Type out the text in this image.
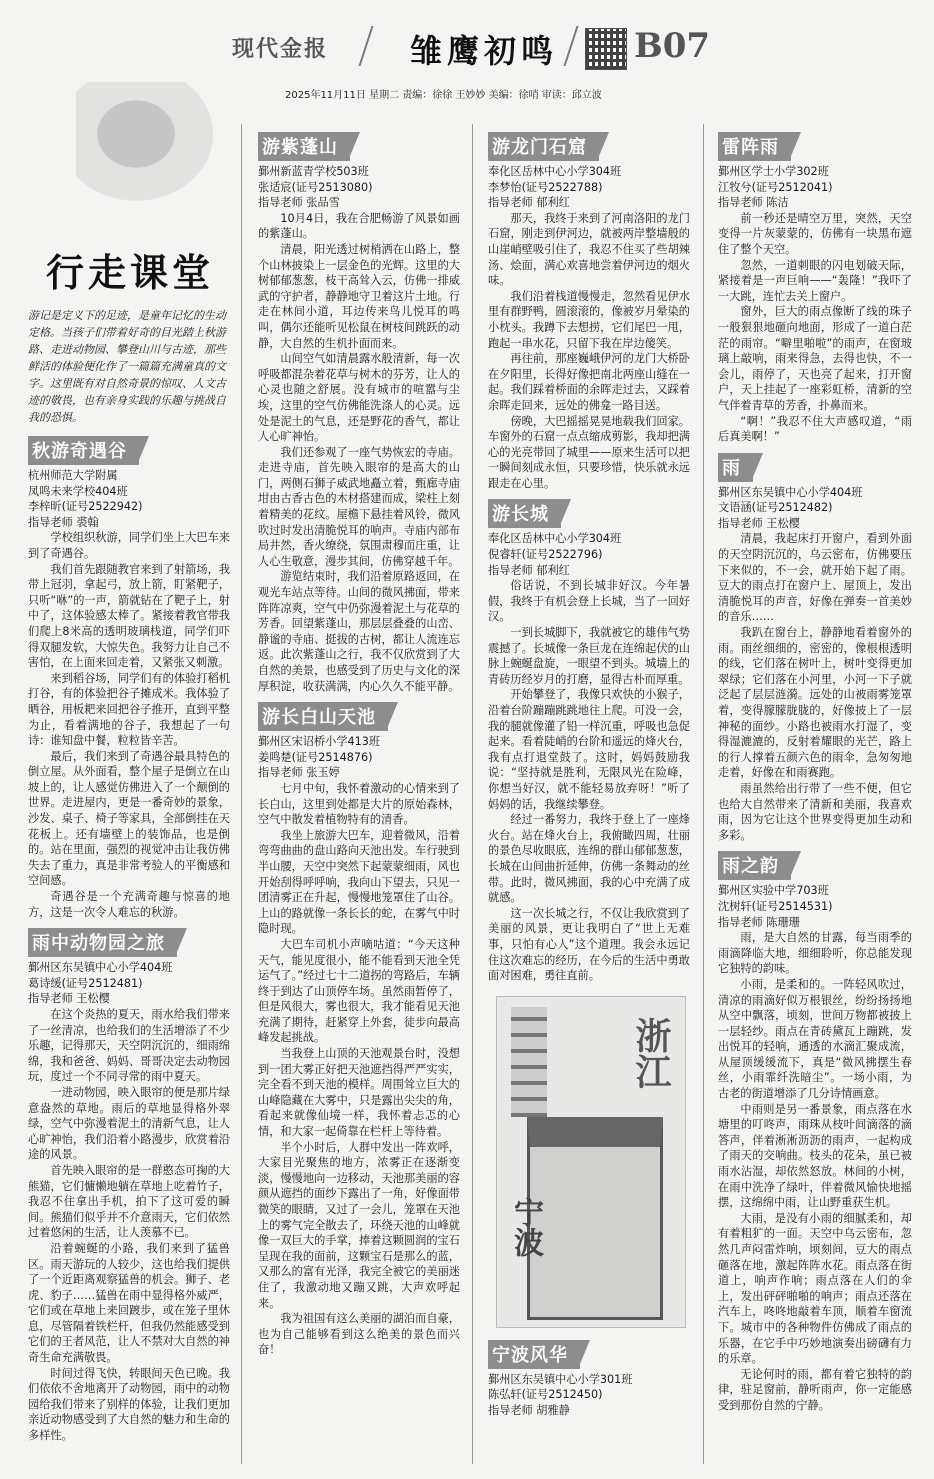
现代金报	雏鹰初鸣 B07
2025年11月11日 星期二 责编：徐徐 王妙妙 美编：徐哨 审读：邱立波
行走课堂
游记是定义下的足迹，是童年记忆的生动定格。当孩子们带着好奇的目光踏上秋游路、走进动物园、攀登山川与古迹，那些鲜活的体验便化作了一篇篇充满童真的文字。这里既有对自然奇景的惊叹、人文古迹的敬畏，也有亲身实践的乐趣与挑战自我的恐惧。
秋游奇遇谷
杭州师范大学附属
凤鸣未来学校404班
李梓昕(证号2522942)
指导老师 裘翰

学校组织秋游，同学们坐上大巴车来到了奇遇谷。

我们首先跟随教官来到了射箭场，我带上冠羽，拿起弓，放上箭，盯紧靶子，只听“咻”的一声，箭就钻在了靶子上，射中了，这体验感太棒了。紧接着教官带我们爬上8米高的透明玻璃栈道，同学们吓得双腿发软，大惊失色。我努力让自己不害怕，在上面来回走着，又紧张又刺激。

来到稻谷场，同学们有的体验打稻机打谷，有的体验把谷子摊成米。我体验了晒谷，用板耙来回把谷子推开，直到平整为止，看着满地的谷子，我想起了一句诗：谁知盘中餐，粒粒皆辛苦。

最后，我们来到了奇遇谷最具特色的倒立屋。从外面看，整个屋子是倒立在山坡上的，让人感觉仿佛进入了一个颠倒的世界。走进屋内，更是一番奇妙的景象，沙发、桌子、椅子等家具，全部倒挂在天花板上。还有墙壁上的装饰品，也是倒的。站在里面，强烈的视觉冲击让我仿佛失去了重力，真是非常考验人的平衡感和空间感。

奇遇谷是一个充满奇趣与惊喜的地方，这是一次令人难忘的秋游。

雨中动物园之旅
鄞州区东吴镇中心小学404班
葛诗缓(证号2512481)
指导老师 王松樱

在这个炎热的夏天，雨水给我们带来了一丝清凉，也给我们的生活增添了不少乐趣，记得那天，天空阴沉沉的，细雨绵绵，我和爸爸、妈妈、哥哥决定去动物园玩，度过一个不同寻常的雨中夏天。

一进动物园，映入眼帘的便是那片绿意盎然的草地。雨后的草地显得格外翠绿，空气中弥漫着泥土的清新气息，让人心旷神怡，我们沿着小路漫步，欣赏着沿途的风景。

首先映入眼帘的是一群憨态可掬的大熊猫，它们慵懒地躺在草地上吃着竹子，我忍不住拿出手机，拍下了这可爱的瞬间。熊猫们似乎并不介意雨天，它们依然过着悠闲的生活，让人羡慕不已。

沿着蜿蜒的小路，我们来到了猛兽区。雨天游玩的人较少，这也给我们提供了一个近距离观察猛兽的机会。狮子、老虎、豹子……猛兽在雨中显得格外威严，它们或在草地上来回踱步，或在笼子里休息，尽管隔着铁栏杆，但我仍然能感受到它们的王者风范，让人不禁对大自然的神奇生命充满敬畏。

时间过得飞快，转眼间天色已晚。我们依依不舍地离开了动物园，雨中的动物园给我们带来了别样的体验，让我们更加亲近动物感受到了大自然的魅力和生命的多样性。

游紫蓬山
鄞州新蓝青学校503班
张适宸(证号2513080)
指导老师 张品雪

10月4日，我在合肥畅游了风景如画的紫蓬山。

清晨，阳光透过树梢洒在山路上，整个山林披染上一层金色的光辉。这里的大树郁郁葱葱，枝干高耸入云，仿佛一排威武的守护者，静静地守卫着这片土地。行走在林间小道，耳边传来鸟儿悦耳的鸣叫，偶尔还能听见松鼠在树枝间跳跃的动静，大自然的生机扑面而来。

山间空气如清晨露水般清新，每一次呼吸都混杂着花草与树木的芬芳，让人的心灵也随之舒展。没有城市的喧嚣与尘埃，这里的空气仿佛能洗涤人的心灵。远处是泥土的气息，还是野花的香气，都让人心旷神怡。

我们还参观了一座气势恢宏的寺庙。走进寺庙，首先映入眼帘的是高大的山门，两侧石狮子威武地矗立着，甄廊寺庙坩由古香古色的木材搭建而成，梁柱上刻着精美的花纹。屋檐下悬挂着风铃，微风吹过时发出清脆悦耳的响声。寺庙内部布局井然，香火缭绕，氛围肃穆而庄重，让人心生敬意，漫步其间，仿佛穿越千年。

游览结束时，我们沿着原路返回，在观光车站点等待。山间的微风拂面，带来阵阵凉爽，空气中仍弥漫着泥土与花草的芳香。回望紫蓬山，那层层叠叠的山峦、静谧的寺庙、挺拔的古树，都让人流连忘返。此次紫蓬山之行，我不仅欣赏到了大自然的美景，也感受到了历史与文化的深厚积淀，收获满满，内心久久不能平静。

游长白山天池
鄞州区宋诏桥小学413班
姜鸣楚(证号2514876)
指导老师 张玉婷

七月中旬，我怀着激动的心情来到了长白山，这里到处都是大片的原始森林，空气中散发着植物特有的清香。

我坐上旅游大巴车，迎着微风，沿着弯弯曲曲的盘山路向天池出发。车行驶到半山腰，天空中突然下起蒙蒙细雨，风也开始刮得呼呼响，我向山下望去，只见一团清雾正在升起，慢慢地笼罩住了山谷。上山的路就像一条长长的蛇，在雾气中时隐时现。

大巴车司机小声嘀咕道：“今天这种天气，能见度很小，能不能看到天池全凭运气了。”经过七十二道拐的弯路后，车辆终于到达了山顶停车场。虽然雨暂停了，但是风很大，雾也很大，我才能看见天池充满了期待，赶紧穿上外套，徒步向最高峰发起挑战。

当我登上山顶的天池观景台时，没想到一团大雾正好把天池遮挡得严严实实，完全看不到天池的模样。周围耸立巨大的山峰隐藏在大雾中，只是露出尖尖的角，看起来就像仙境一样，我怀着忐忑的心情，和大家一起倚靠在栏杆上等待着。

半个小时后，人群中发出一阵欢呼，大家目光聚焦的地方，浓雾正在逐渐变淡，慢慢地向一边移动，天池那美丽的容颜从遮挡的面纱下露出了一角，好像面带微笑的眼睛，又过了一会儿，笼罩在天池上的雾气完全散去了，环绕天池的山峰就像一双巨大的手掌，捧着这颗圆润的宝石呈现在我的面前，这颗宝石是那么的蓝，又那么的富有光泽，我完全被它的美丽迷住了，我激动地又蹦又跳，大声欢呼起来。

我为祖国有这么美丽的湖泊而自豪，也为自己能够看到这么绝美的景色而兴奋！

游龙门石窟
奉化区岳林中心小学304班
李梦怡(证号2522788)
指导老师 郁利红

那天，我终于来到了河南洛阳的龙门石窟，刚走到伊河边，就被两岸整墙般的山崖峭壁吸引住了，我忍不住买了些胡辣汤、烩面，满心欢喜地尝着伊河边的烟火味。

我们沿着栈道慢慢走，忽然看见伊水里有群野鸭，圆滚滚的，像被岁月晕染的小枕头。我蹲下去想捞，它们尾巴一甩，跑起一串水花，只留下我在岸边傻笑。

再往前，那座巍峨伊河的龙门大桥卧在夕阳里，长得好像把南北两座山缝在一起。我们踩着桥面的余晖走过去，又踩着余晖走回来，远处的佛龛一路目送。

傍晚，大巴摇摇晃晃地载我们回家。车窗外的石窟一点点缩成剪影，我却把满心的光亮带回了城里——原来生活可以把一瞬间刻成永恒，只要珍惜，快乐就永远跟走在心里。

游长城
奉化区岳林中心小学304班
倪睿轩(证号2522796)
指导老师 郁利红

俗话说，不到长城非好汉。今年暑假，我终于有机会登上长城，当了一回好汉。

一到长城脚下，我就被它的雄伟气势震撼了。长城像一条巨龙在连绵起伏的山脉上蜿蜒盘旋，一眼望不到头。城墙上的青砖历经岁月的打磨，显得古朴而厚重。

开始攀登了，我像只欢快的小猴子，沿着台阶蹦蹦跳跳地往上爬。可没一会，我的腿就像灌了铅一样沉重，呼吸也急促起来。看着陡峭的台阶和遥远的烽火台，我有点打退堂鼓了。这时，妈妈鼓励我说：“坚持就是胜利，无限风光在险峰，你想当好汉，就不能轻易放弃呀！”听了妈妈的话，我继续攀登。

经过一番努力，我终于登上了一座烽火台。站在烽火台上，我俯瞰四周，壮丽的景色尽收眼底，连绵的群山郁郁葱葱，长城在山间曲折延伸，仿佛一条舞动的丝带。此时，微风拂面，我的心中充满了成就感。

这一次长城之行，不仅让我欣赏到了美丽的风景，更让我明白了“世上无难事，只怕有心人”这个道理。我会永远记住这次难忘的经历，在今后的生活中勇敢面对困难，勇往直前。

浙江
宁波
宁波风华
鄞州区东吴镇中心小学301班
陈弘轩(证号2512450)
指导老师 胡雅静
雷阵雨
鄞州区学士小学302班
江牧兮(证号2512041)
指导老师 陈洁

前一秒还是晴空万里，突然，天空变得一片灰蒙蒙的，仿佛有一块黑布遮住了整个天空。

忽然，一道刺眼的闪电划破天际，紧接着是一声巨响——“轰隆！”我吓了一大跳，连忙去关上窗户。

窗外，巨大的雨点像断了线的珠子一般狠狠地砸向地面，形成了一道白茫茫的雨帘。“噼里啪啦”的雨声，在窗玻璃上敲响，雨来得急，去得也快，不一会儿，雨停了，天也亮了起来，打开窗户，天上挂起了一座彩虹桥，清新的空气伴着青草的芳香，扑鼻而来。

“啊！”我忍不住大声感叹道，“雨后真美啊！”

雨
鄞州区东吴镇中心小学404班
文语涵(证号2512482)
指导老师 王松樱

清晨，我起床打开窗户，看到外面的天空阴沉沉的，乌云密布，仿佛要压下来似的，不一会，就开始下起了雨。豆大的雨点打在窗户上、屋顶上，发出清脆悦耳的声音，好像在弹奏一首美妙的音乐……

我趴在窗台上，静静地看着窗外的雨。雨丝细细的，密密的，像根根透明的线，它们落在树叶上，树叶变得更加翠绿；它们落在小河里，小河一下子就泛起了层层涟漪。远处的山被雨雾笼罩着，变得朦朦胧胧的，好像披上了一层神秘的面纱。小路也被雨水打湿了，变得湿漉漉的，反射着耀眼的光芒，路上的行人撑着五颜六色的雨伞，急匆匆地走着，好像在和雨赛跑。

雨虽然给出行带了一些不便，但它也给大自然带来了清新和美丽，我喜欢雨，因为它让这个世界变得更加生动和多彩。

雨之韵
鄞州区实验中学703班
沈树轩(证号2514531)
指导老师 陈珊珊

雨，是大自然的甘露，每当雨季的雨滴降临大地，细细聆听，你总能发现它独特的韵味。

小雨，是柔和的。一阵轻风吹过，清凉的雨滴好似万根银丝，纷纷扬扬地从空中飘落，顷刻，世间万物都被披上一层轻纱。雨点在青砖黛瓦上蹦跳，发出悦耳的轻响，通透的水滴汇聚成流，从屋顶缓缓流下，真是“微风拂摆生春丝，小雨霏纤洗暗尘”。一场小雨，为古老的街道增添了几分诗情画意。

中雨则是另一番景象，雨点落在水塘里的叮咚声，雨珠从枝叶间滴落的滴答声，伴着淅淅沥沥的雨声，一起构成了雨天的交响曲。枝头的花朵，虽已被雨水沾湿，却依然怒放。林间的小树，在雨中洗净了绿叶，伴着微风愉快地摇摆，这绵绵中雨，让山野重获生机。

大雨，是没有小雨的细腻柔和，却有着粗犷的一面。天空中乌云密布，忽然几声闷雷炸响，顷刻间，豆大的雨点砸落在地，激起阵阵水花。雨点落在街道上，响声作响；雨点落在人们的伞上，发出砰砰啪啪的响声；雨点还落在汽车上，咚咚地敲着车顶，顺着车窗流下。城市中的各种物件仿佛成了雨点的乐器，在它手中巧妙地演奏出磅礴有力的乐章。

无论何时的雨，都有着它独特的韵律，驻足窗前，静听雨声，你一定能感受到那份自然的宁静。
